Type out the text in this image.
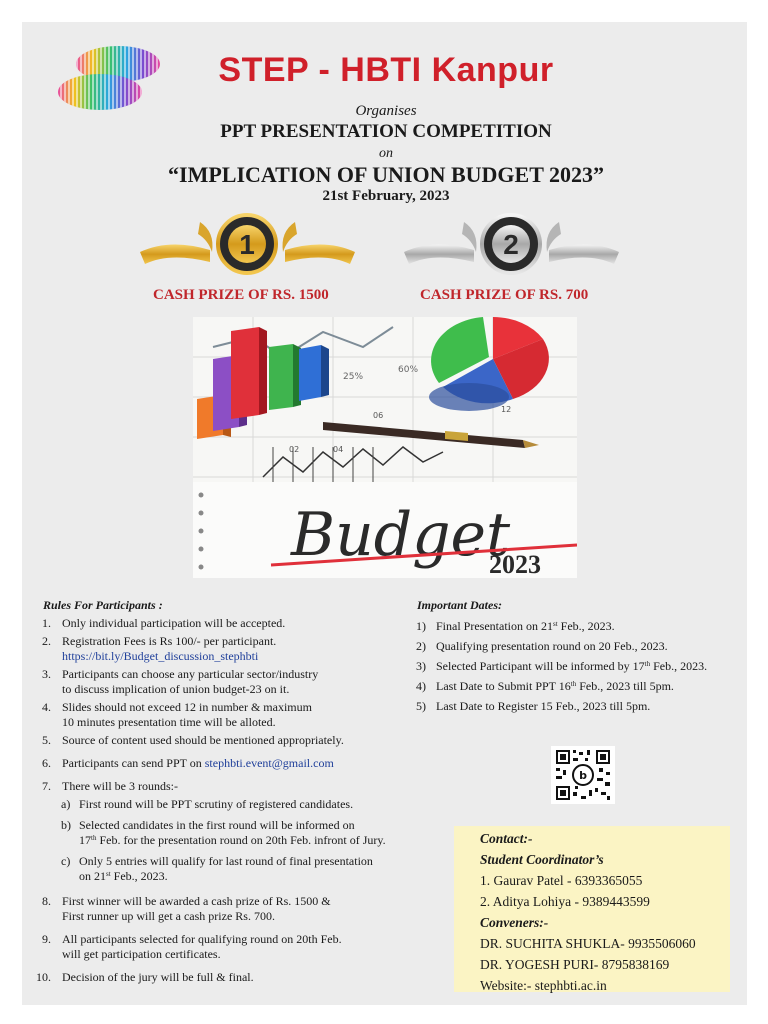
STEP - HBTI Kanpur
Organises
PPT PRESENTATION COMPETITION
on
“IMPLICATION OF UNION BUDGET 2023”
21st February, 2023
1	2
CASH PRIZE OF RS. 1500	CASH PRIZE OF RS. 700
25%
60%
02	04
06
12
Budget
2023
Rules For Participants :
1. Only individual participation will be accepted.
2. Registration Fees is Rs 100/- per participant.
https://bit.ly/Budget_discussion_stephbti
3. Participants can choose any particular sector/industry
to discuss implication of union budget-23 on it.
4. Slides should not exceed 12 in number & maximum
10 minutes presentation time will be alloted.
5. Source of content used should be mentioned appropriately.
6. Participants can send PPT on stephbti.event@gmail.com
7. There will be 3 rounds:-
a) First round will be PPT scrutiny of registered candidates.
b) Selected candidates in the first round will be informed on
17th Feb. for the presentation round on 20th Feb. infront of Jury.
c) Only 5 entries will qualify for last round of final presentation
on 21st Feb., 2023.
8. First winner will be awarded a cash prize of Rs. 1500 &
First runner up will get a cash prize Rs. 700.
9. All participants selected for qualifying round on 20th Feb.
will get participation certificates.
10. Decision of the jury will be full & final.
Important Dates:
1) Final Presentation on 21st Feb., 2023.
2) Qualifying presentation round on 20 Feb., 2023.
3) Selected Participant will be informed by 17th Feb., 2023.
4) Last Date to Submit PPT 16th Feb., 2023 till 5pm.
5) Last Date to Register 15 Feb., 2023 till 5pm.
b
Contact:-
Student Coordinator’s
1. Gaurav Patel - 6393365055
2. Aditya Lohiya - 9389443599
Conveners:-
DR. SUCHITA SHUKLA- 9935506060
DR. YOGESH PURI- 8795838169
Website:- stephbti.ac.in
